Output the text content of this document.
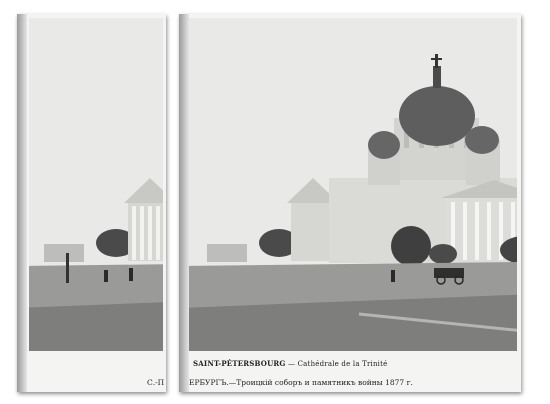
С.-П
SAINT-PÉTERSBOURG — Cathédrale de la Trinité
ЕРБУРГЪ.—Троицкій соборъ и памятникъ войны 1877 г.
